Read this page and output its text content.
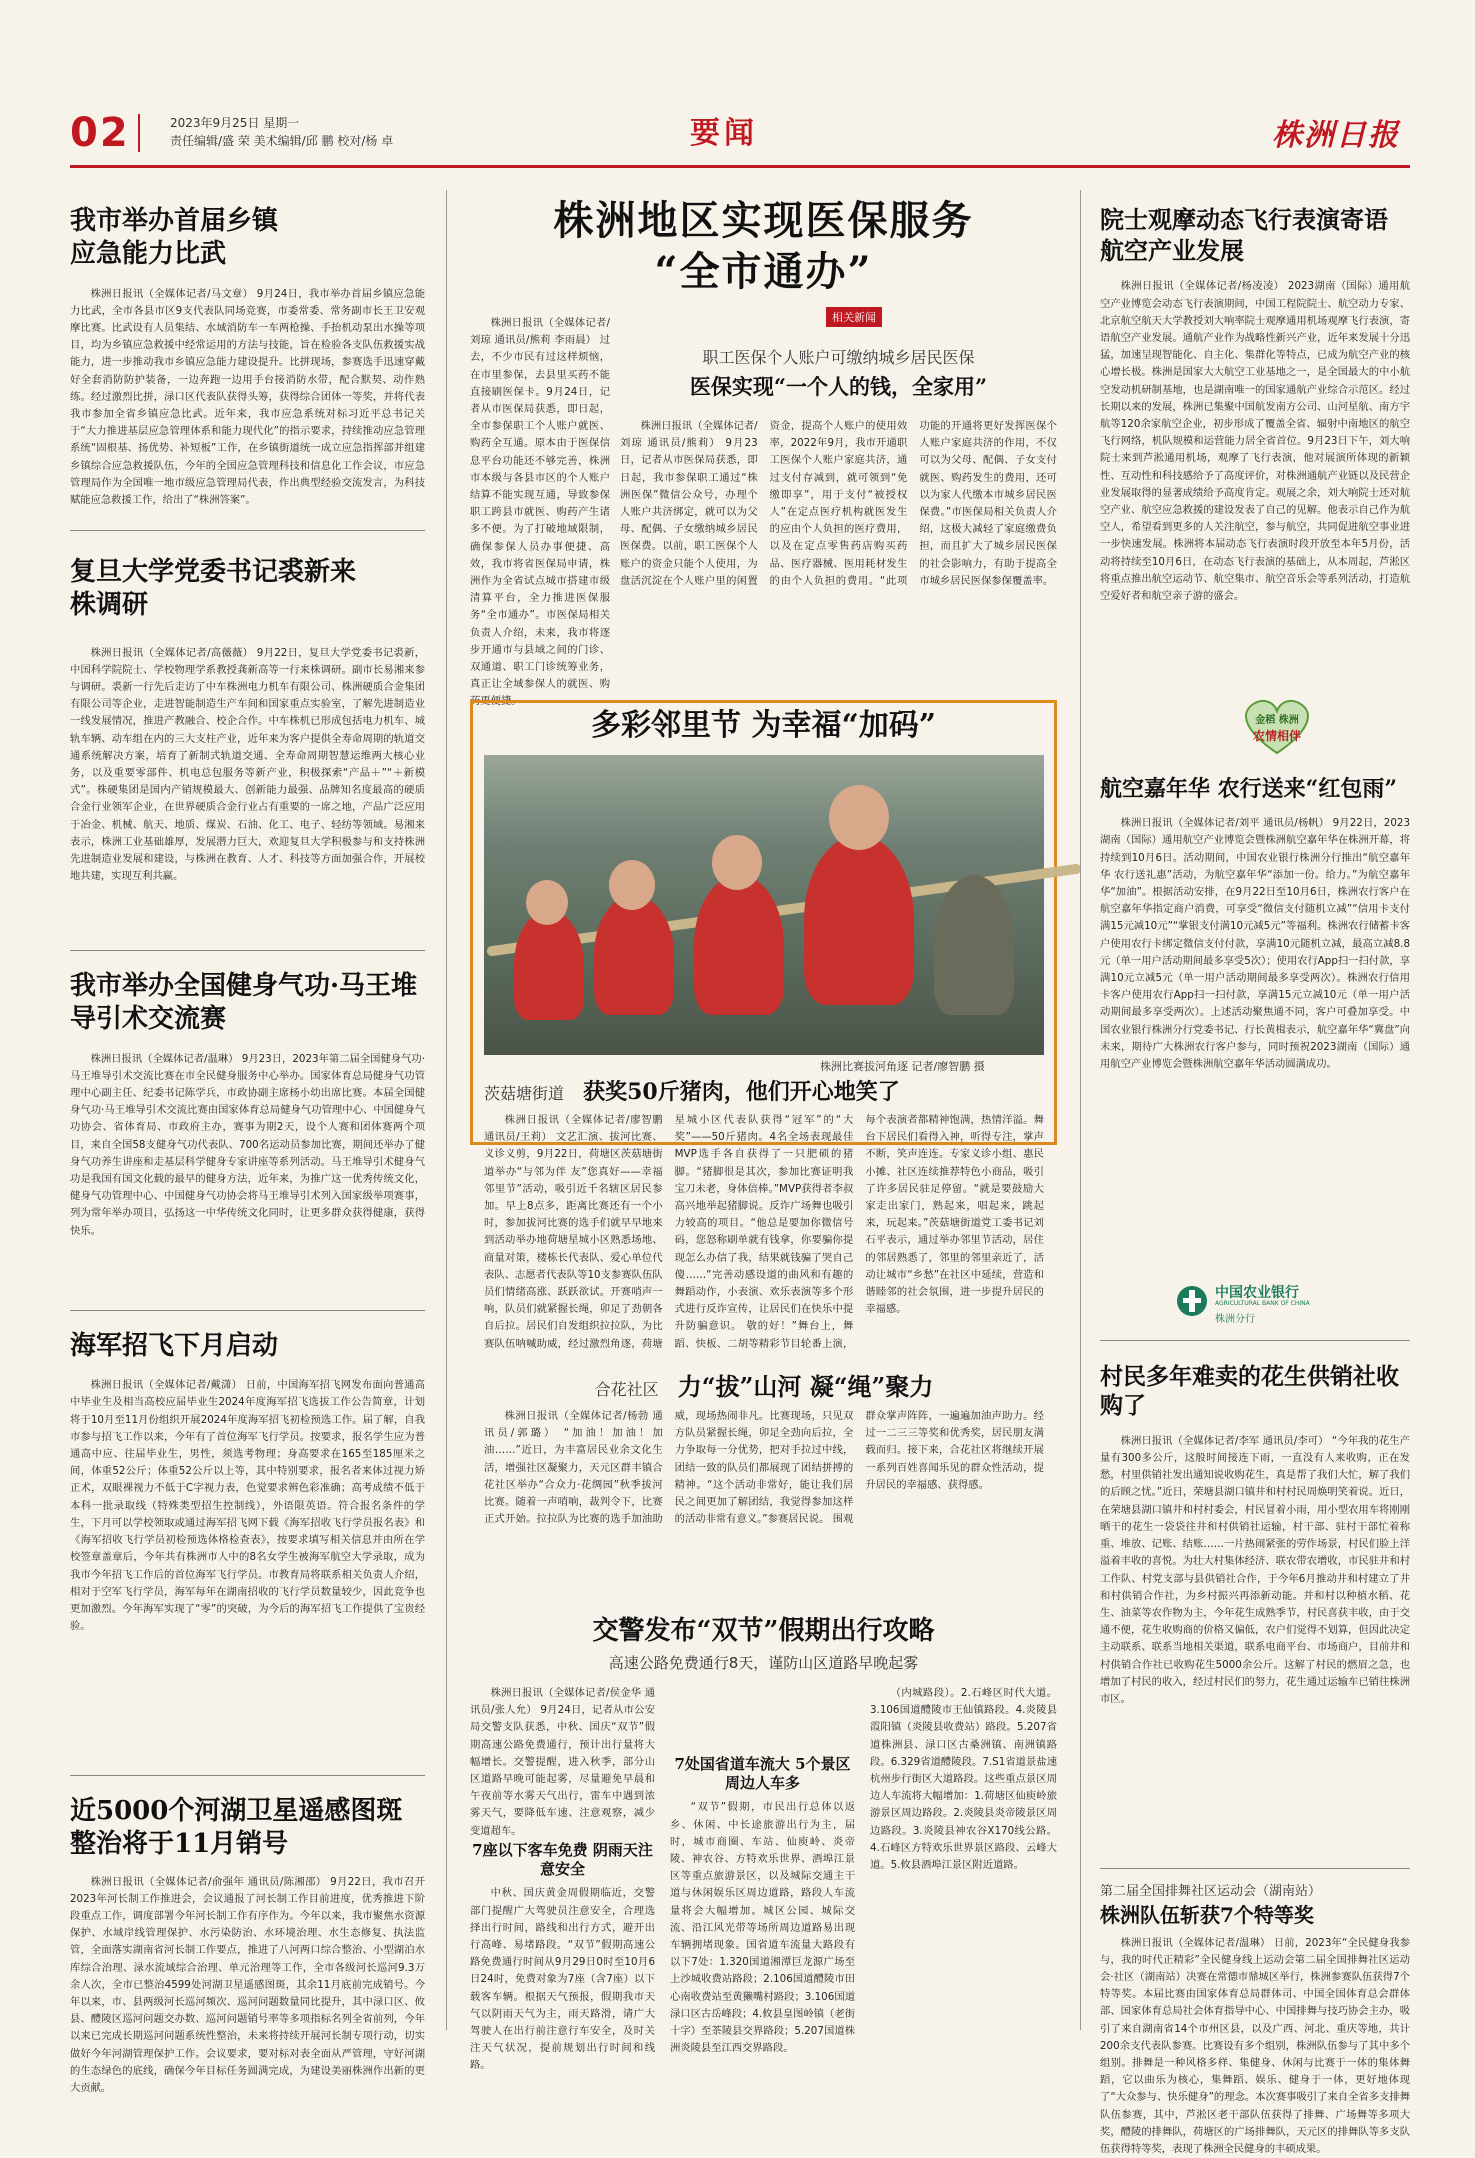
02	2023年9月25日 星期一
责任编辑/盛 荣 美术编辑/邱 鹏 校对/杨 卓	要闻	株洲日报
我市举办首届乡镇应急能力比武
株洲日报讯（全媒体记者/马文章） 9月24日，我市举办首届乡镇应急能力比武，全市各县市区9支代表队同场竞赛，市委常委、常务副市长王卫安观摩比赛。比武设有人员集结、水域消防车一车两枪操、手抬机动泵出水操等项目，均为乡镇应急救援中经常运用的方法与技能，旨在检验各支队伍救援实战能力，进一步推动我市乡镇应急能力建设提升。比拼现场，参赛选手迅速穿戴好全套消防防护装备，一边奔跑一边用手台接消防水带，配合默契、动作熟练。经过激烈比拼，渌口区代表队获得头筹，获得综合团体一等奖，并将代表我市参加全省乡镇应急比武。近年来，我市应急系统对标习近平总书记关于“大力推进基层应急管理体系和能力现代化”的指示要求，持续推动应急管理系统“固根基、扬优势、补短板”工作，在乡镇街道统一成立应急指挥部并组建乡镇综合应急救援队伍，今年的全国应急管理科技和信息化工作会议，市应急管理局作为全国唯一地市级应急管理局代表，作出典型经验交流发言，为科技赋能应急救援工作，给出了“株洲答案”。
复旦大学党委书记裘新来株调研
株洲日报讯（全媒体记者/高薇薇） 9月22日，复旦大学党委书记裘新，中国科学院院士、学校物理学系教授龚新高等一行来株调研。副市长易湘来参与调研。裘新一行先后走访了中车株洲电力机车有限公司、株洲硬质合金集团有限公司等企业，走进智能制造生产车间和国家重点实验室，了解先进制造业一线发展情况，推进产教融合、校企合作。中车株机已形成包括电力机车、城轨车辆、动车组在内的三大支柱产业，近年来为客户提供全寿命周期的轨道交通系统解决方案，培育了新制式轨道交通、全寿命周期智慧运维两大核心业务，以及重要零部件、机电总包服务等新产业，积极探索“产品＋”“＋新模式”。株硬集团是国内产销规模最大、创新能力最强、品牌知名度最高的硬质合金行业领军企业，在世界硬质合金行业占有重要的一席之地，产品广泛应用于冶金、机械、航天、地质、煤炭、石油、化工、电子、轻纺等领域。易湘来表示，株洲工业基础雄厚，发展潜力巨大，欢迎复旦大学积极参与和支持株洲先进制造业发展和建设，与株洲在教育、人才、科技等方面加强合作，开展校地共建，实现互利共赢。
我市举办全国健身气功·马王堆导引术交流赛
株洲日报讯（全媒体记者/温琳） 9月23日，2023年第二届全国健身气功·马王堆导引术交流比赛在市全民健身服务中心举办。国家体育总局健身气功管理中心副主任、纪委书记陈学兵，市政协副主席杨小幼出席比赛。本届全国健身气功·马王堆导引术交流比赛由国家体育总局健身气功管理中心、中国健身气功协会、省体育局、市政府主办，赛事为期2天，设个人赛和团体赛两个项目，来自全国58支健身气功代表队、700名运动员参加比赛，期间还举办了健身气功养生讲座和走基层科学健身专家讲座等系列活动。马王堆导引术健身气功是我国有国文化载的最早的健身方法，近年来，为推广这一优秀传统文化，健身气功管理中心、中国健身气功协会将马王堆导引术列入国家级举项赛事，列为常年举办项目，弘扬这一中华传统文化同时，让更多群众获得健康，获得快乐。
海军招飞下月启动
株洲日报讯（全媒体记者/戴潇） 日前，中国海军招飞网发布面向普通高中毕业生及相当高校应届毕业生2024年度海军招飞选拔工作公告简章，计划将于10月至11月份组织开展2024年度海军招飞初检预选工作。届了解，自我市参与招飞工作以来，今年有了首位海军飞行学员。按要求，报名学生应为普通高中应、往届毕业生，男性，须选考物理；身高要求在165至185厘米之间，体重52公斤；体重52公斤以上等，其中特别要求，报名者来体过视力矫正术，双眼裸视力不低于C字视力表，色觉要求辨色彩准确；高考成绩不低于本科一批录取线（特殊类型招生控制线），外语限英语。符合报名条件的学生，下月可以学校领取或通过海军招飞网下载《海军招收飞行学员报名表》和《海军招收飞行学员初检预选体格检查表》，按要求填写相关信息并由所在学校签章盖章后，今年共有株洲市人中的8名女学生被海军航空大学录取，成为我市今年招飞工作后的首位海军飞行学员。市教育局将联系相关负责人介绍，相对于空军飞行学员，海军每年在湖南招收的飞行学员数量较少，因此竞争也更加激烈。今年海军实现了“零”的突破，为今后的海军招飞工作提供了宝贵经验。
近5000个河湖卫星遥感图斑整治将于11月销号
株洲日报讯（全媒体记者/俞强年 通讯员/陈湘邵） 9月22日，我市召开2023年河长制工作推进会，会议通报了河长制工作目前进度，优秀推进下阶段重点工作，调度部署今年河长制工作有序作为。今年以来，我市聚焦水资源保护、水域岸线管理保护、水污染防治、水环境治理、水生态修复、执法监管，全面落实湖南省河长制工作要点，推进了八河两口综合整治、小型湖泊水库综合治理、渌水流域综合治理、单元治理等工作，全市各级河长巡河9.3万余人次，全市已整治4599处河湖卫星遥感图斑，其余11月底前完成销号。今年以来，市、县两级河长巡河频次、巡河问题数量同比提升，其中渌口区、攸县、醴陵区巡河问题交办数、巡河问题销号率等多项指标名列全省前列，今年以来已完成长期巡河问题系统性整治，未来将持续开展河长制专项行动，切实做好今年河湖管理保护工作。会议要求，要对标对表全面从严管理，守好河湖的生态绿色的底线，确保今年目标任务圆满完成，为建设美丽株洲作出新的更大贡献。
株洲地区实现医保服务
“全市通办”
株洲日报讯（全媒体记者/刘琼 通讯员/熊莉 李雨晨） 过去，不少市民有过这样烦恼，在市里参保，去县里买药不能直接刷医保卡。9月24日，记者从市医保局获悉，即日起，全市参保职工个人账户就医、购药全互通。原本由于医保信息平台功能还不够完善，株洲市本级与各县市区的个人账户结算不能实现互通，导致参保职工跨县市就医、购药产生诸多不便。为了打破地域限制，确保参保人员办事便捷、高效，我市将省医保局申请，株洲作为全省试点城市搭建市级清算平台，全力推进医保服务“全市通办”。市医保局相关负责人介绍，未来，我市将逐步开通市与县域之间的门诊、双通道、职工门诊统筹业务，真正让全域参保人的就医、购药更便捷。
相关新闻
职工医保个人账户可缴纳城乡居民医保
医保实现“一个人的钱，全家用”
株洲日报讯（全媒体记者/刘琼 通讯员/熊莉） 9月23日，记者从市医保局获悉，即日起，我市参保职工通过“株洲医保”微信公众号，办理个人账户共济绑定，就可以为父母、配偶、子女缴纳城乡居民医保费。以前，职工医保个人账户的资金只能个人使用，为盘活沉淀在个人账户里的闲置资金，提高个人账户的使用效率，2022年9月，我市开通职工医保个人账户家庭共济，通过支付存减到，就可领到“免缴即享”，用于支付“被授权人”在定点医疗机构就医发生的应由个人负担的医疗费用，以及在定点零售药店购买药品、医疗器械、医用耗材发生的由个人负担的费用。“此项功能的开通将更好发挥医保个人账户家庭共济的作用，不仅可以为父母、配偶、子女支付就医、购药发生的费用，还可以为家人代缴本市城乡居民医保费。”市医保局相关负责人介绍，这极大减轻了家庭缴费负担，而且扩大了城乡居民医保的社会影响力，有助于提高全市城乡居民医保参保覆盖率。
多彩邻里节 为幸福“加码”
株洲比赛拔河角逐 记者/廖智鹏 摄
茨菇塘街道 获奖50斤猪肉，他们开心地笑了
株洲日报讯（全媒体记者/廖智鹏 通讯员/王莉） 文艺汇演、拔河比赛、义诊义剪，9月22日，荷塘区茨菇塘街道举办“与邻为伴 友”您真好——幸福邻里节”活动，吸引近千名辖区居民参加。早上8点多，距离比赛还有一个小时，参加拔河比赛的选手们就早早地来到活动举办地荷塘星城小区熟悉场地、商量对策，楼栋长代表队、爱心单位代表队、志愿者代表队等10支参赛队伍队员们情绪高涨、跃跃欲试。开赛哨声一响，队员们就紧握长绳，卯足了劲朝各自后拉。居民们自发组织拉拉队，为比赛队伍呐喊助威，经过激烈角逐，荷塘星城小区代表队获得“冠军”的“大奖”——50斤猪肉。4名全场表现最佳MVP选手各自获得了一只肥硕的猪脚。“猪脚很是其次，参加比赛证明我宝刀未老，身体倍棒。”MVP获得者李叔高兴地举起猪脚说。反诈广场舞也吸引力较高的项目。“他总是要加你微信号码，您怒称刷单就有钱拿，你要骗你提现怎么办信了我，结果就钱骗了哭自己傻……”完善动感设道的曲风和有趣的舞蹈动作，小表演、欢乐表演等多个形式进行反诈宣传，让居民们在快乐中提升防骗意识。 敬的好！”舞台上，舞蹈、快板、二胡等精彩节目轮番上演，每个表演者都精神饱满，热情洋溢。舞台下居民们看得入神，听得专注，掌声不断，笑声连连。专家义诊小组、惠民小摊、社区连续推荐特色小商品，吸引了许多居民驻足停留。“就是要鼓励大家走出家门，熟起来，唱起来，跳起来，玩起来。”茨菇塘街道党工委书记刘石平表示，通过举办邻里节活动，居住的邻居熟悉了，邻里的邻里亲近了，活动让城市“乡愁”在社区中延续，营造和谐睦邻的社会氛围，进一步提升居民的幸福感。
合花社区 力“拔”山河 凝“绳”聚力
株洲日报讯（全媒体记者/杨勃 通讯员/郭璐） “加油！加油！加油……”近日，为丰富居民业余文化生活，增强社区凝聚力，天元区群丰镇合花社区举办“合众力·花绸园”秋季拔河比赛。随着一声哨响，裁判令下，比赛正式开始。拉拉队为比赛的选手加油助威，现场热闹非凡。比赛现场，只见双方队员紧握长绳，卯足全劲向后拉，全力争取每一分优势，把对手拉过中线，团结一致的队员们都展现了团结拼搏的精神。“这个活动非常好，能让我们居民之间更加了解团结，我觉得参加这样的活动非常有意义。”参赛居民说。 围观群众掌声阵阵，一遍遍加油声助力。经过一二三三等奖和优秀奖，居民朋友满载而归。接下来，合花社区将继续开展一系列百姓喜闻乐见的群众性活动，提升居民的幸福感、获得感。
交警发布“双节”假期出行攻略
高速公路免费通行8天，谨防山区道路早晚起雾
株洲日报讯（全媒体记者/侯金华 通讯员/张人允） 9月24日，记者从市公安局交警支队获悉，中秋、国庆“双节”假期高速公路免费通行，预计出行量将大幅增长。交警提醒，进入秋季，部分山区道路早晚可能起雾，尽量避免早晨和午夜前等水雾天气出行，雷车中遇到浓雾天气，要降低车速、注意观察，减少变道超车。
7座以下客车免费 阴雨天注意安全
中秋、国庆黄金周假期临近，交警部门提醒广大驾驶员注意安全，合理选择出行时间，路线和出行方式，避开出行高峰、易堵路段。“双节”假期高速公路免费通行时间从9月29日0时至10月6日24时，免费对象为7座（含7座）以下载客车辆。根据天气预报，假期我市天气以阴雨天气为主，雨天路滑，请广大驾驶人在出行前注意行车安全，及时关注天气状况，提前规划出行时间和线路。
7处国省道车流大 5个景区周边人车多
“双节”假期，市民出行总体以返乡、休闲、中长途旅游出行为主，届时，城市商圈、车站、仙庾岭、炎帝陵、神农谷、方特欢乐世界、酒埠江景区等重点旅游景区，以及城际交通主干道与休闲娱乐区周边道路，路段人车流量将会大幅增加。城区公园、城际交流、沿江风光带等场所周边道路易出现车辆拥堵现象。国省道车流量大路段有以下7处：1.320国道湘潭巨龙源广场至上沙城收费站路段；2.106国道醴陵市田心南收费站至黄獭嘴村路段；3.106国道渌口区古岳峰段；4.攸县皇图岭镇（老街十字）至茶陵县交界路段；5.207国道株洲炎陵县至江西交界路段。
（内城路段）。2.石峰区时代大道。3.106国道醴陵市王仙镇路段。4.炎陵县霞阳镇（炎陵县收费站）路段。5.207省道株洲县、渌口区古桑洲镇、南洲镇路段。6.329省道醴陵段。7.S1省道景盐速杭州步行街区大道路段。这些重点景区周边人车流将大幅增加：1.荷塘区仙庾岭旅游景区周边路段。2.炎陵县炎帝陵景区周边路段。3.炎陵县神农谷X170线公路。4.石峰区方特欢乐世界景区路段、云峰大道。5.攸县酒埠江景区附近道路。
院士观摩动态飞行表演寄语航空产业发展
株洲日报讯（全媒体记者/杨凌凌） 2023湖南（国际）通用航空产业博览会动态飞行表演期间，中国工程院院士、航空动力专家、北京航空航天大学教授刘大响率院士观摩通用机场观摩飞行表演，寄语航空产业发展。通航产业作为战略性新兴产业，近年来发展十分迅猛，加速呈现智能化、自主化、集群化等特点，已成为航空产业的核心增长极。株洲是国家大大航空工业基地之一，是全国最大的中小航空发动机研制基地，也是湖南唯一的国家通航产业综合示范区。经过长期以来的发展，株洲已集聚中国航发南方公司、山河星航、南方宇航等120余家航空企业，初步形成了覆盖全省、辐射中南地区的航空飞行网络，机队规模和运营能力居全省首位。9月23日下午，刘大响院士来到芦淞通用机场，观摩了飞行表演，他对展演所体现的新颖性、互动性和科技感给予了高度评价，对株洲通航产业链以及民营企业发展取得的显著成绩给予高度肯定。观展之余，刘大响院士还对航空产业、航空应急救援的建设发表了自己的见解。他表示自己作为航空人，希望看到更多的人关注航空，参与航空，共同促进航空事业进一步快速发展。株洲将本届动态飞行表演时段开放至本年5月份，活动将持续至10月6日，在动态飞行表演的基础上，从本周起，芦淞区将重点推出航空运动节、航空集市、航空音乐会等系列活动，打造航空爱好者和航空亲子游的盛会。
金稻 株洲
农情相伴
航空嘉年华 农行送来“红包雨”
株洲日报讯（全媒体记者/刘平 通讯员/杨帆） 9月22日，2023湖南（国际）通用航空产业博览会暨株洲航空嘉年华在株洲开幕，将持续到10月6日。活动期间，中国农业银行株洲分行推出“航空嘉年华 农行送礼惠”活动，为航空嘉年华“添加一份。给力。”为航空嘉年华“加油”。根据活动安排，在9月22日至10月6日，株洲农行客户在航空嘉年华指定商户消费，可享受“微信支付随机立减”“信用卡支付满15元减10元”“掌银支付满10元减5元”等福利。株洲农行储蓄卡客户使用农行卡绑定微信支付付款，享满10元随机立减，最高立减8.8元（单一用户活动期间最多享受5次）；使用农行App扫一扫付款，享满10元立减5元（单一用户活动期间最多享受两次）。株洲农行信用卡客户使用农行App扫一扫付款，享满15元立减10元（单一用户活动期间最多享受两次）。上述活动聚焦通不同，客户可叠加享受。中国农业银行株洲分行党委书记、行长黄楫表示，航空嘉年华“冀盘”向未来，期待广大株洲农行客户参与，同时预祝2023湖南（国际）通用航空产业博览会暨株洲航空嘉年华活动圆满成功。
中国农业银行
AGRICULTURAL BANK OF CHINA
株洲分行
村民多年难卖的花生供销社收购了
株洲日报讯（全媒体记者/李军 通讯员/李可） “今年我的花生产量有300多公斤，这般时间接连下雨，一直没有人来收购，正在发愁，村里供销社发出通知说收购花生，真是帮了我们大忙，解了我们的后顾之忧。”近日，荣塘县湖口镇井和村村民周焕明笑着说。近日，在荣塘县湖口镇井和村村委会，村民冒着小雨，用小型农用车将刚刚晒干的花生一袋袋往井和村供销社运输，村干部、驻村干部忙着称重、堆放、记账、结账……一片热闹紧张的劳作场景，村民们脸上洋溢着丰收的喜悦。为壮大村集体经济、联农带农增收，市民驻井和村工作队、村党支部与县供销社合作，于今年6月推动井和村建立了井和村供销合作社，为乡村振兴再添新动能。并和村以种植水稻、花生、油菜等农作物为主，今年花生成熟季节，村民喜获丰收，由于交通不便，花生收购商的价格又偏低，农户们觉得不划算，但因此决定主动联系、联系当地相关渠道，联系电商平台、市场商户，目前井和村供销合作社已收购花生5000余公斤。这解了村民的燃眉之急，也增加了村民的收入，经过村民们的努力，花生通过运输车已销往株洲市区。
第二届全国排舞社区运动会（湖南站）
株洲队伍斩获7个特等奖
株洲日报讯（全媒体记者/温琳） 日前，2023年“全民健身我参与，我的时代正精彩”全民健身线上运动会第二届全国排舞社区运动会·社区（湖南站）决赛在常德市鼎城区举行，株洲参赛队伍获得7个特等奖。本届比赛由国家体育总局群体司、中国全国体育总会群体部、国家体育总局社会体育指导中心、中国排舞与技巧协会主办，吸引了来自湖南省14个市州区县，以及广西、河北、重庆等地，共计200余支代表队参赛。比赛设有多个组别，株洲队伍参与了其中多个组别。排舞是一种风格多样、集健身、休闲与比赛于一体的集体舞蹈，它以曲乐为核心，集舞蹈、娱乐、健身于一体，更好地体现了“大众参与、快乐健身”的理念。本次赛事吸引了来自全省多支排舞队伍参赛，其中，芦淞区老干部队伍获得了排舞、广场舞等多项大奖，醴陵的排舞队，荷塘区的广场排舞队，天元区的排舞队等多支队伍获得特等奖，表现了株洲全民健身的丰硕成果。
